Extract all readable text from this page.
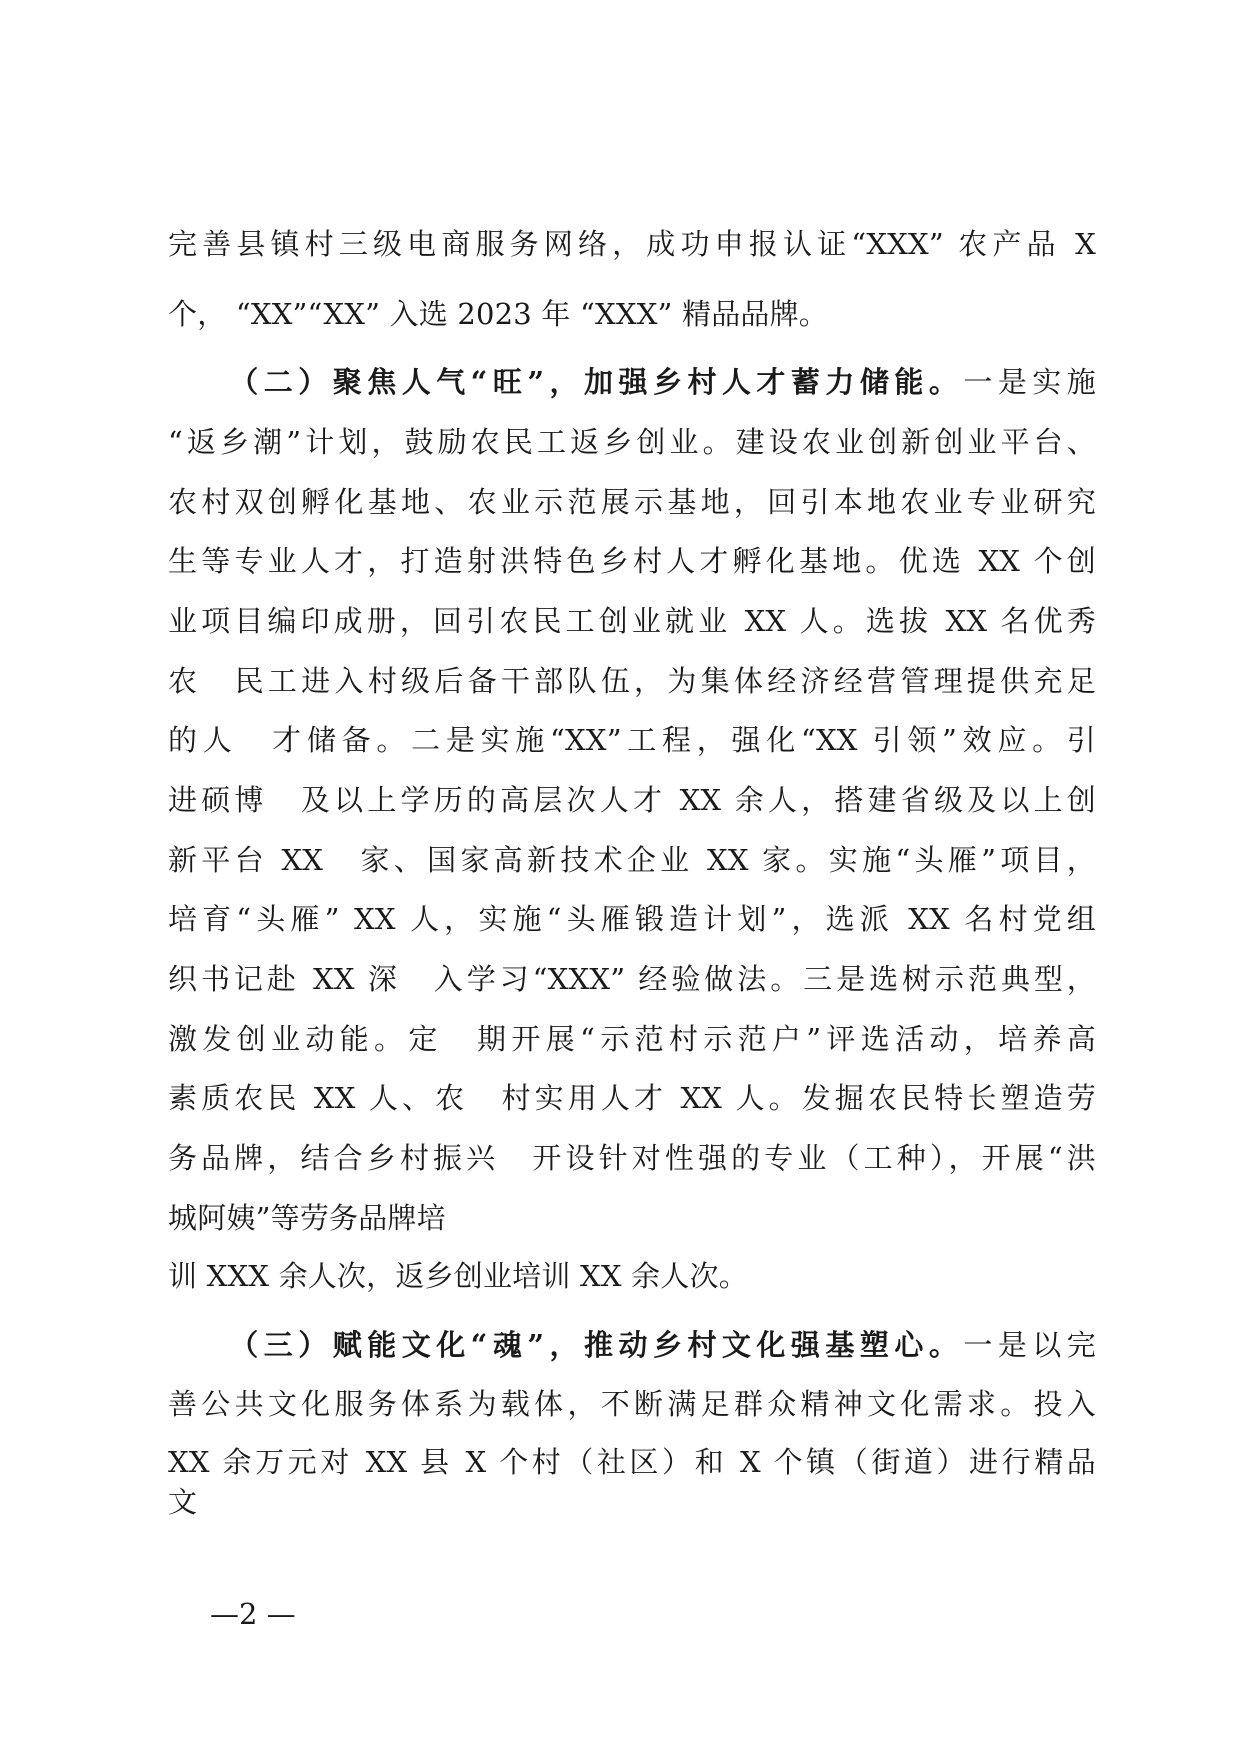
完善县镇村三级电商服务网络，成功申报认证“XXX” 农产品 X
个， “XX”“XX” 入选 2023 年 “XXX” 精品品牌。
（二）聚焦人气“旺”，加强乡村人才蓄力储能。一是实施
“返乡潮”计划，鼓励农民工返乡创业。建设农业创新创业平台、
农村双创孵化基地、农业示范展示基地，回引本地农业专业研究
生等专业人才，打造射洪特色乡村人才孵化基地。优选 XX 个创
业项目编印成册，回引农民工创业就业 XX 人。选拔 XX 名优秀
农　民工进入村级后备干部队伍，为集体经济经营管理提供充足
的人　才储备。二是实施“XX”工程，强化“XX 引领”效应。引
进硕博　及以上学历的高层次人才 XX 余人，搭建省级及以上创
新平台 XX　家、国家高新技术企业 XX 家。实施“头雁”项目，
培育“头雁” XX 人，实施“头雁锻造计划”，选派 XX 名村党组
织书记赴 XX 深　入学习“XXX” 经验做法。三是选树示范典型，
激发创业动能。定　期开展“示范村示范户”评选活动，培养高
素质农民 XX 人、农　村实用人才 XX 人。发掘农民特长塑造劳
务品牌，结合乡村振兴　开设针对性强的专业（工种），开展“洪
城阿姨”等劳务品牌培
训 XXX 余人次，返乡创业培训 XX 余人次。
（三）赋能文化“魂”，推动乡村文化强基塑心。一是以完
善公共文化服务体系为载体，不断满足群众精神文化需求。投入
XX 余万元对 XX 县 X 个村（社区）和 X 个镇（街道）进行精品
文
—2 —
